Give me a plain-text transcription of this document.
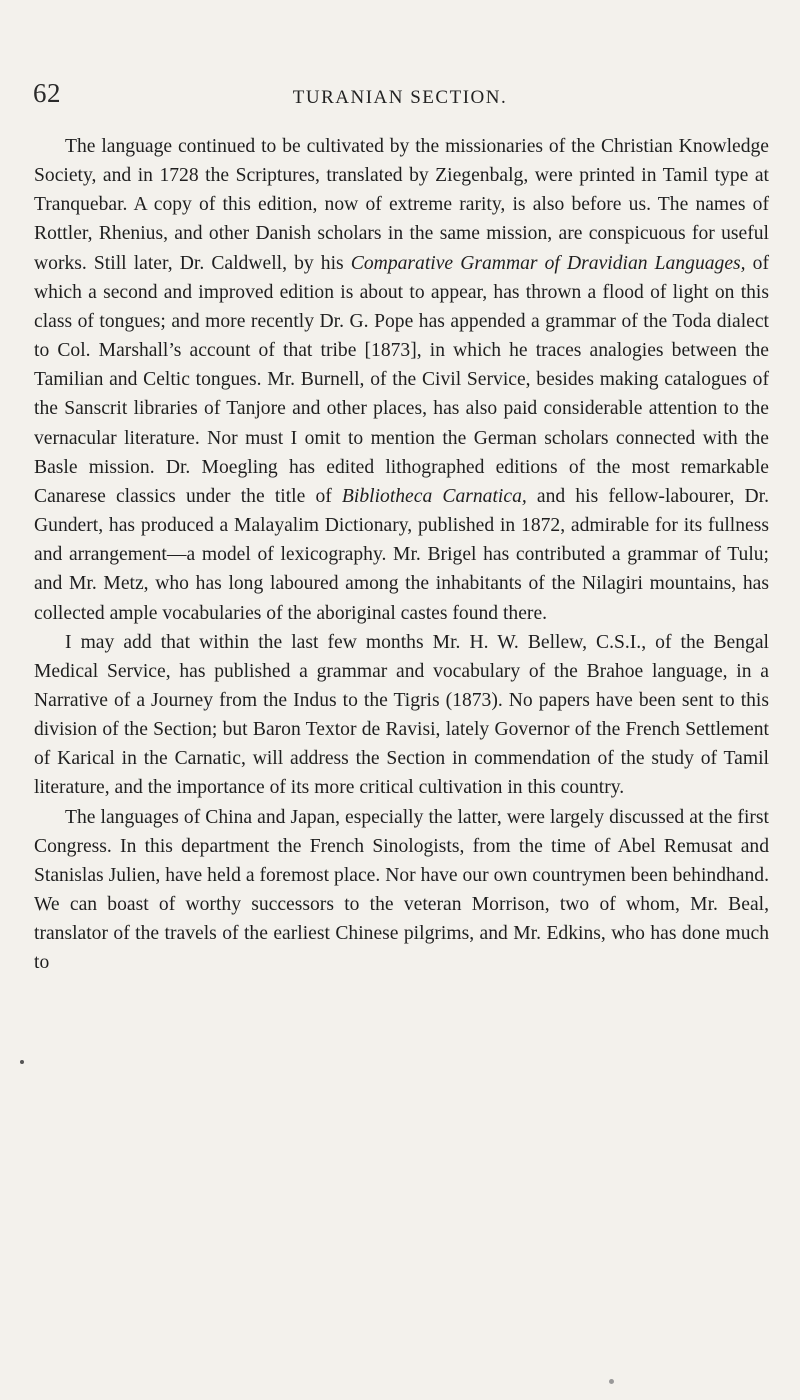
62	TURANIAN SECTION.

The language continued to be cultivated by the missionaries of the Christian Knowledge Society, and in 1728 the Scriptures, translated by Ziegenbalg, were printed in Tamil type at Tranquebar. A copy of this edition, now of extreme rarity, is also before us. The names of Rottler, Rhenius, and other Danish scholars in the same mission, are conspicuous for useful works. Still later, Dr. Caldwell, by his Comparative Grammar of Dravidian Languages, of which a second and improved edition is about to appear, has thrown a flood of light on this class of tongues; and more recently Dr. G. Pope has appended a grammar of the Toda dialect to Col. Marshall’s account of that tribe [1873], in which he traces analogies between the Tamilian and Celtic tongues. Mr. Burnell, of the Civil Service, besides making catalogues of the Sanscrit libraries of Tanjore and other places, has also paid considerable attention to the vernacular literature. Nor must I omit to mention the German scholars connected with the Basle mission. Dr. Moegling has edited lithographed editions of the most remarkable Canarese classics under the title of Bibliotheca Carnatica, and his fellow-labourer, Dr. Gundert, has produced a Malayalim Dictionary, published in 1872, admirable for its fullness and arrangement—a model of lexicography. Mr. Brigel has contributed a grammar of Tulu; and Mr. Metz, who has long laboured among the inhabitants of the Nilagiri mountains, has collected ample vocabularies of the aboriginal castes found there.

I may add that within the last few months Mr. H. W. Bellew, C.S.I., of the Bengal Medical Service, has published a grammar and vocabulary of the Brahoe language, in a Narrative of a Journey from the Indus to the Tigris (1873). No papers have been sent to this division of the Section; but Baron Textor de Ravisi, lately Governor of the French Settlement of Karical in the Carnatic, will address the Section in commendation of the study of Tamil literature, and the importance of its more critical cultivation in this country.

The languages of China and Japan, especially the latter, were largely discussed at the first Congress. In this department the French Sinologists, from the time of Abel Remusat and Stanislas Julien, have held a foremost place. Nor have our own countrymen been behindhand. We can boast of worthy successors to the veteran Morrison, two of whom, Mr. Beal, translator of the travels of the earliest Chinese pilgrims, and Mr. Edkins, who has done much to
